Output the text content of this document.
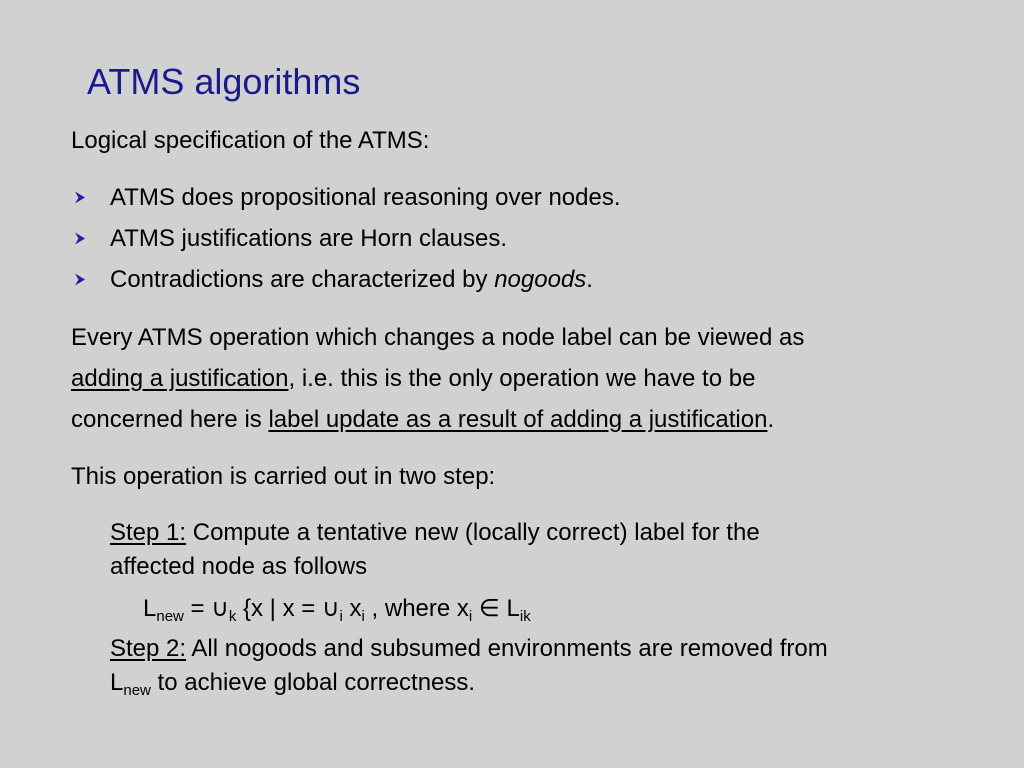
ATMS algorithms
Logical specification of the ATMS:
ATMS does propositional reasoning over nodes.
ATMS justifications are Horn clauses.
Contradictions are characterized by nogoods.
Every ATMS operation which changes a node label can be viewed as
adding a justification, i.e. this is the only operation we have to be
concerned here is label update as a result of adding a justification.
This operation is carried out in two step:
Step 1: Compute a tentative new (locally correct) label for the
affected node as follows
$L_{new}$ = $\cup_k$ {x | $x = \cup_i$ $x_i$ , where $x_i$ ∈ $L_{ik}$
Step 2: All nogoods and subsumed environments are removed from
$L_{new}$ to achieve global correctness.
